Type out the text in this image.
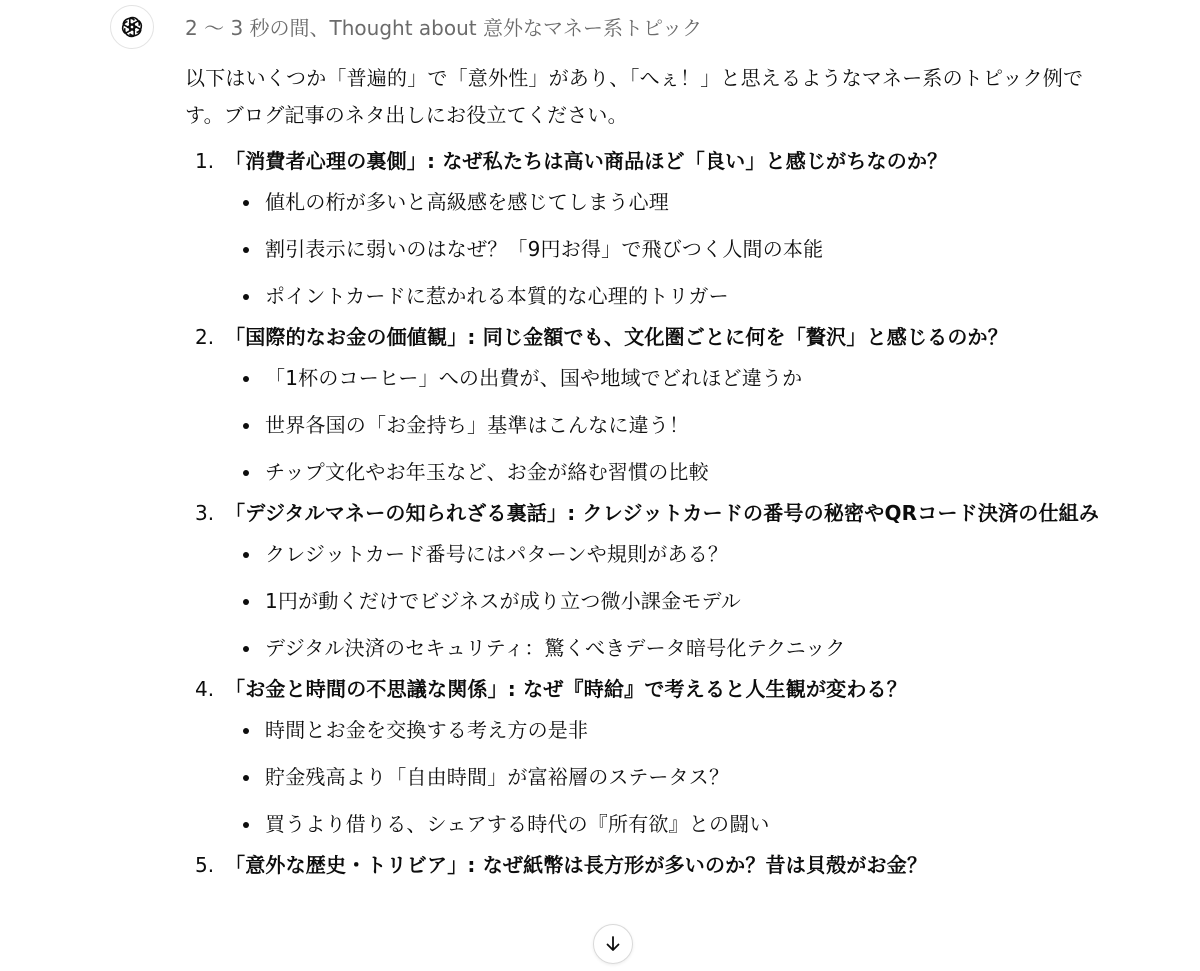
2 〜 3 秒の間、Thought about 意外なマネー系トピック

以下はいくつか「普遍的」で「意外性」があり、「へぇ！」と思えるようなマネー系のトピック例です。ブログ記事のネタ出しにお役立てください。

1. 「消費者心理の裏側」: なぜ私たちは高い商品ほど「良い」と感じがちなのか？

値札の桁が多いと高級感を感じてしまう心理
割引表示に弱いのはなぜ？「9円お得」で飛びつく人間の本能
ポイントカードに惹かれる本質的な心理的トリガー
2. 「国際的なお金の価値観」: 同じ金額でも、文化圏ごとに何を「贅沢」と感じるのか？

「1杯のコーヒー」への出費が、国や地域でどれほど違うか
世界各国の「お金持ち」基準はこんなに違う！
チップ文化やお年玉など、お金が絡む習慣の比較
3. 「デジタルマネーの知られざる裏話」: クレジットカードの番号の秘密やQRコード決済の仕組み

クレジットカード番号にはパターンや規則がある？
1円が動くだけでビジネスが成り立つ微小課金モデル
デジタル決済のセキュリティ：驚くべきデータ暗号化テクニック
4. 「お金と時間の不思議な関係」: なぜ『時給』で考えると人生観が変わる？

時間とお金を交換する考え方の是非
貯金残高より「自由時間」が富裕層のステータス？
買うより借りる、シェアする時代の『所有欲』との闘い
5. 「意外な歴史・トリビア」: なぜ紙幣は長方形が多いのか？昔は貝殻がお金？
